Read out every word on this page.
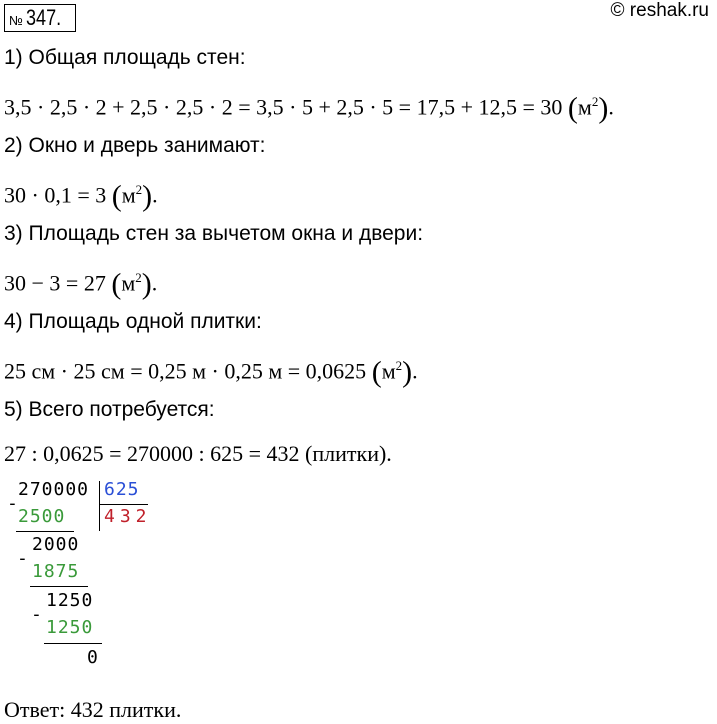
№ 347.	© reshak.ru
1) Общая площадь стен:
3,5 · 2,5 · 2 + 2,5 · 2,5 · 2 = 3,5 · 5 + 2,5 · 5 = 17,5 + 12,5 = 30 $(м^2)$.
2) Окно и дверь занимают:
30 · 0,1 = 3 $(м^2)$.
3) Площадь стен за вычетом окна и двери:
30 − 3 = 27 $(м^2)$.
4) Площадь одной плитки:
25 см · 25 см = 0,25 м · 0,25 м = 0,0625 $(м^2)$.
5) Всего потребуется:
27 : 0,0625 = 270000 : 625 = 432 (плитки).
270000 625
432
-
2500
2000
-
1875
1250
-
1250
0
Ответ: 432 плитки.
